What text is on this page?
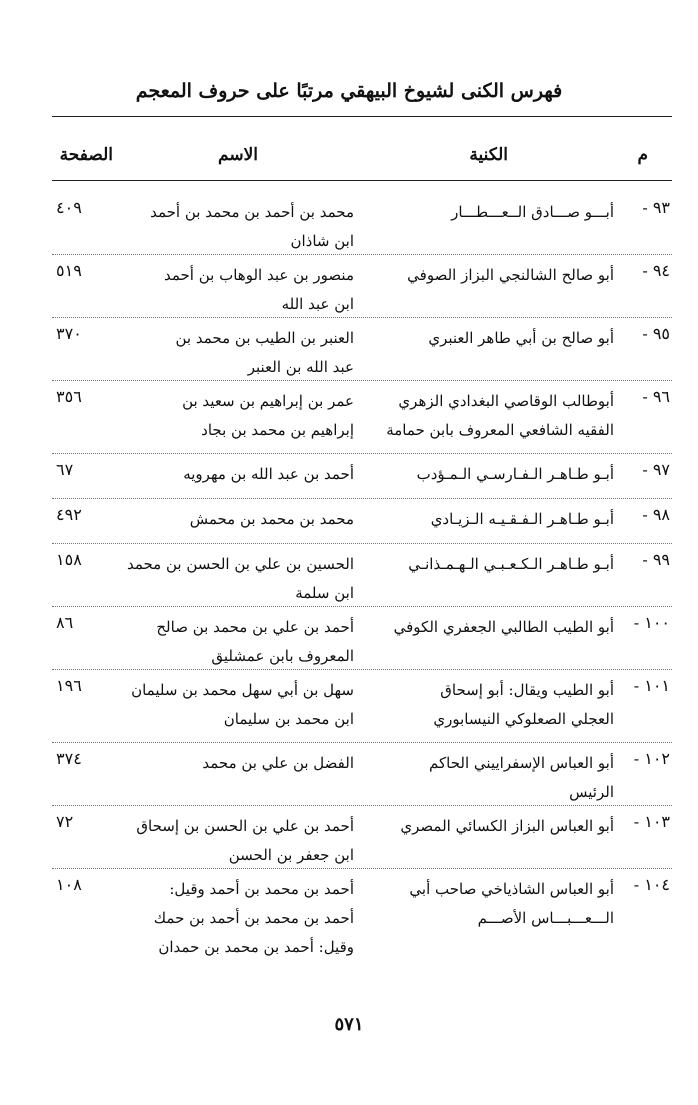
فهرس الكنى لشيوخ البيهقي مرتبًا على حروف المعجم
م
الكنية
الاسم
الصفحة
٩٣ -
أبـــو صـــادق الــعـــطـــار
محمد بن أحمد بن محمد بن أحمد
ابن شاذان
٤٠٩
٩٤ -
أبو صالح الشالنجي البزاز الصوفي
منصور بن عبد الوهاب بن أحمد
ابن عبد الله
٥١٩
٩٥ -
أبو صالح بن أبي طاهر العنبري
العنبر بن الطيب بن محمد بن
عبد الله بن العنبر
٣٧٠
٩٦ -
أبوطالب الوقاصي البغدادي الزهري
الفقيه الشافعي المعروف بابن حمامة
عمر بن إبراهيم بن سعيد بن
إبراهيم بن محمد بن بجاد
٣٥٦
٩٧ -
أبـو طـاهـر الـفـارسـي الـمـؤدب
أحمد بن عبد الله بن مهرويه
٦٧
٩٨ -
أبـو طـاهـر الـفـقـيـه الـزيـادي
محمد بن محمد بن محمش
٤٩٢
٩٩ -
أبـو طـاهـر الـكـعـبـي الـهـمـذانـي
الحسين بن علي بن الحسن بن محمد
ابن سلمة
١٥٨
١٠٠ -
أبو الطيب الطالبي الجعفري الكوفي
أحمد بن علي بن محمد بن صالح
المعروف بابن عمشليق
٨٦
١٠١ -
أبو الطيب ويقال: أبو إسحاق
العجلي الصعلوكي النيسابوري
سهل بن أبي سهل محمد بن سليمان
ابن محمد بن سليمان
١٩٦
١٠٢ -
أبو العباس الإسفراييني الحاكم
الرئيس
الفضل بن علي بن محمد
٣٧٤
١٠٣ -
أبو العباس البزاز الكسائي المصري
أحمد بن علي بن الحسن بن إسحاق
ابن جعفر بن الحسن
٧٢
١٠٤ -
أبو العباس الشاذياخي صاحب أبي
الـــعـــبـــاس الأصـــم
أحمد بن محمد بن أحمد وقيل:
أحمد بن محمد بن أحمد بن حمك
وقيل: أحمد بن محمد بن حمدان
١٠٨
٥٧١
